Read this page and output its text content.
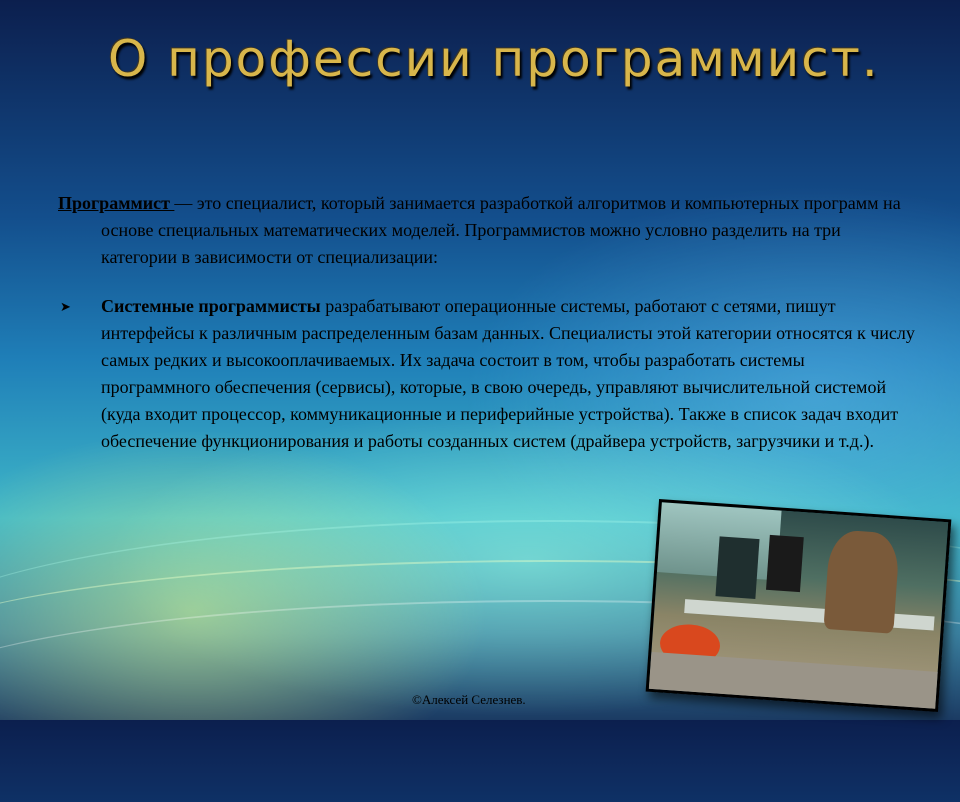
О профессии программист.

Программист — это специалист, который занимается разработкой алгоритмов и компьютерных программ на основе специальных математических моделей. Программистов можно условно разделить на три категории в зависимости от специализации:

➤ Системные программисты разрабатывают операционные системы, работают с сетями, пишут интерфейсы к различным распределенным базам данных. Специалисты этой категории относятся к числу самых редких и высокооплачиваемых. Их задача состоит в том, чтобы разработать системы программного обеспечения (сервисы), которые, в свою очередь, управляют вычислительной системой (куда входит процессор, коммуникационные и периферийные устройства). Также в список задач входит обеспечение функционирования и работы созданных систем (драйвера устройств, загрузчики и т.д.).
©Алексей Селезнев.
